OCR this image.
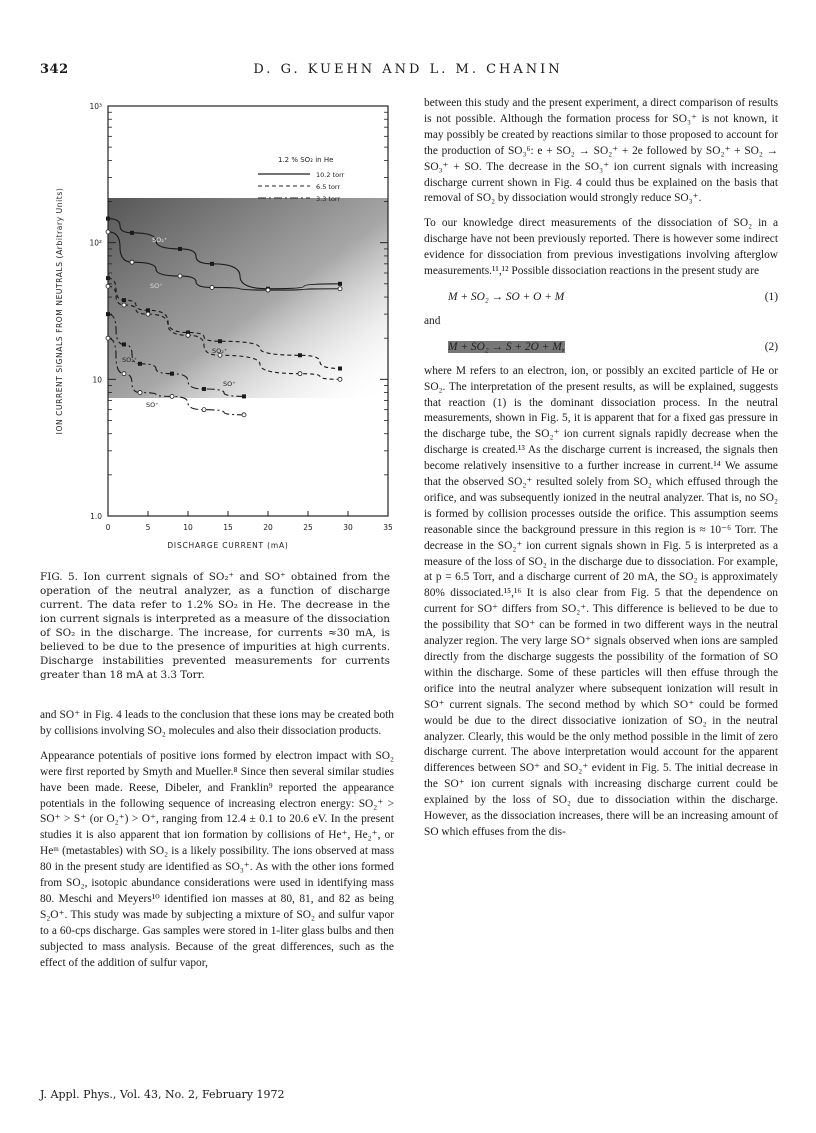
342	D. G. KUEHN AND L. M. CHANIN
0	5	10	15	20	25	30	35
10³
10²
10
1.0
ION CURRENT SIGNALS FROM NEUTRALS (Arbitrary Units)
DISCHARGE CURRENT (mA)
1.2 % SO₂ in He
10.2 torr
6.5 torr
3.3 torr
SO₂⁺
SO⁺
SO₂⁺
SO₂⁺
SO⁺
SO⁺
FIG. 5. Ion current signals of SO₂⁺ and SO⁺ obtained from the operation of the neutral analyzer, as a function of discharge current. The data refer to 1.2% SO₂ in He. The decrease in the ion current signals is interpreted as a measure of the dissociation of SO₂ in the discharge. The increase, for currents ≈30 mA, is believed to be due to the presence of impurities at high currents. Discharge instabilities prevented measurements for currents greater than 18 mA at 3.3 Torr.

and SO⁺ in Fig. 4 leads to the conclusion that these ions may be created both by collisions involving SO₂ molecules and also their dissociation products.

Appearance potentials of positive ions formed by electron impact with SO₂ were first reported by Smyth and Mueller.⁸ Since then several similar studies have been made. Reese, Dibeler, and Franklin⁹ reported the appearance potentials in the following sequence of increasing electron energy: SO₂⁺ > SO⁺ > S⁺ (or O₂⁺) > O⁺, ranging from 12.4 ± 0.1 to 20.6 eV. In the present studies it is also apparent that ion formation by collisions of He⁺, He₂⁺, or Heᵐ (metastables) with SO₂ is a likely possibility. The ions observed at mass 80 in the present study are identified as SO₃⁺. As with the other ions formed from SO₂, isotopic abundance considerations were used in identifying mass 80. Meschi and Meyers¹⁰ identified ion masses at 80, 81, and 82 as being S₂O⁺. This study was made by subjecting a mixture of SO₂ and sulfur vapor to a 60-cps discharge. Gas samples were stored in 1-liter glass bulbs and then subjected to mass analysis. Because of the great differences, such as the effect of the addition of sulfur vapor,

between this study and the present experiment, a direct comparison of results is not possible. Although the formation process for SO₃⁺ is not known, it may possibly be created by reactions similar to those proposed to account for the production of SO₃⁶: e + SO₂ → SO₂⁺ + 2e followed by SO₂⁺ + SO₂ → SO₃⁺ + SO. The decrease in the SO₃⁺ ion current signals with increasing discharge current shown in Fig. 4 could thus be explained on the basis that removal of SO₂ by dissociation would strongly reduce SO₃⁺.

To our knowledge direct measurements of the dissociation of SO₂ in a discharge have not been previously reported. There is however some indirect evidence for dissociation from previous investigations involving afterglow measurements.¹¹,¹² Possible dissociation reactions in the present study are

M + SO₂ → SO + O + M	(1)
and
M + SO₂ → S + 2O + M,	(2)

where M refers to an electron, ion, or possibly an excited particle of He or SO₂. The interpretation of the present results, as will be explained, suggests that reaction (1) is the dominant dissociation process. In the neutral measurements, shown in Fig. 5, it is apparent that for a fixed gas pressure in the discharge tube, the SO₂⁺ ion current signals rapidly decrease when the discharge is created.¹³ As the discharge current is increased, the signals then become relatively insensitive to a further increase in current.¹⁴ We assume that the observed SO₂⁺ resulted solely from SO₂ which effused through the orifice, and was subsequently ionized in the neutral analyzer. That is, no SO₂ is formed by collision processes outside the orifice. This assumption seems reasonable since the background pressure in this region is ≈ 10⁻⁶ Torr. The decrease in the SO₂⁺ ion current signals shown in Fig. 5 is interpreted as a measure of the loss of SO₂ in the discharge due to dissociation. For example, at p = 6.5 Torr, and a discharge current of 20 mA, the SO₂ is approximately 80% dissociated.¹⁵,¹⁶ It is also clear from Fig. 5 that the dependence on current for SO⁺ differs from SO₂⁺. This difference is believed to be due to the possibility that SO⁺ can be formed in two different ways in the neutral analyzer region. The very large SO⁺ signals observed when ions are sampled directly from the discharge suggests the possibility of the formation of SO within the discharge. Some of these particles will then effuse through the orifice into the neutral analyzer where subsequent ionization will result in SO⁺ current signals. The second method by which SO⁺ could be formed would be due to the direct dissociative ionization of SO₂ in the neutral analyzer. Clearly, this would be the only method possible in the limit of zero discharge current. The above interpretation would account for the apparent differences between SO⁺ and SO₂⁺ evident in Fig. 5. The initial decrease in the SO⁺ ion current signals with increasing discharge current could be explained by the loss of SO₂ due to dissociation within the discharge. However, as the dissociation increases, there will be an increasing amount of SO which effuses from the dis-

J. Appl. Phys., Vol. 43, No. 2, February 1972
